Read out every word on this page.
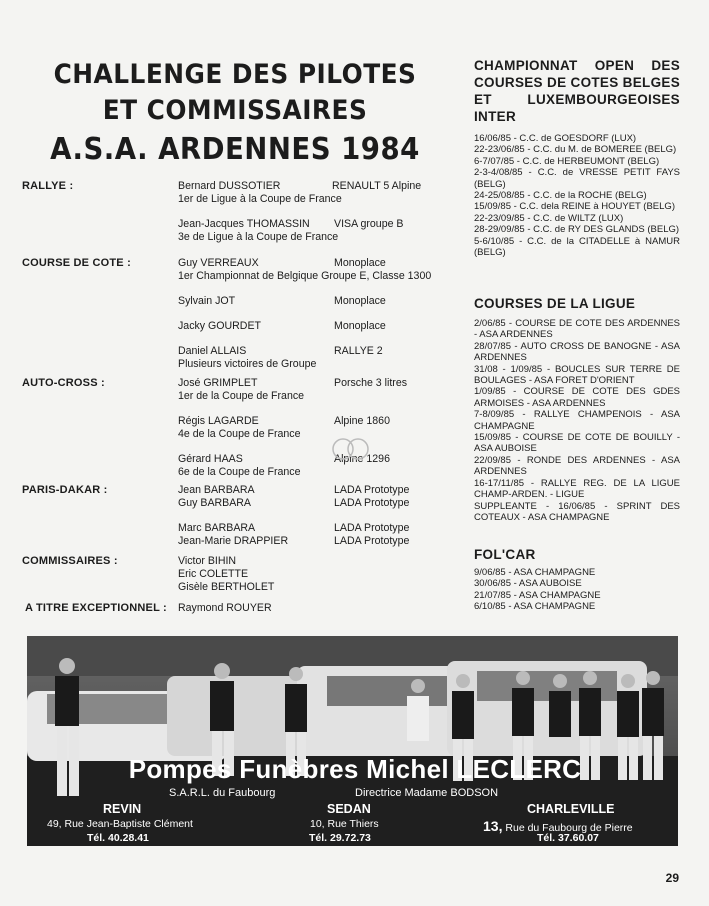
CHALLENGE DES PILOTES
ET COMMISSAIRES
A.S.A. ARDENNES 1984
RALLYE :	Bernard DUSSOTIER	RENAULT 5 Alpine
1er de Ligue à la Coupe de France
Jean-Jacques THOMASSIN	VISA groupe B
3e de Ligue à la Coupe de France
COURSE DE COTE :	Guy VERREAUX	Monoplace
1er Championnat de Belgique Groupe E, Classe 1300
Sylvain JOT	Monoplace
Jacky GOURDET	Monoplace
Daniel ALLAIS	RALLYE 2
Plusieurs victoires de Groupe
AUTO-CROSS :	José GRIMPLET	Porsche 3 litres
1er de la Coupe de France
Régis LAGARDE	Alpine 1860
4e de la Coupe de France
Gérard HAAS	Alpine 1296
6e de la Coupe de France
PARIS-DAKAR :	Jean BARBARA	LADA Prototype
Guy BARBARA	LADA Prototype
Marc BARBARA	LADA Prototype
Jean-Marie DRAPPIER	LADA Prototype
COMMISSAIRES :	Victor BIHIN
Eric COLETTE
Gisèle BERTHOLET
A TITRE EXCEPTIONNEL : Raymond ROUYER
CHAMPIONNAT OPEN DES COURSES DE COTES BELGES ET LUXEMBOURGEOISES INTER
16/06/85 - C.C. de GOESDORF (LUX)
22-23/06/85 - C.C. du M. de BOMEREE (BELG)
6-7/07/85 - C.C. de HERBEUMONT (BELG)
2-3-4/08/85 - C.C. de VRESSE PETIT FAYS (BELG)
24-25/08/85 - C.C. de la ROCHE (BELG)
15/09/85 - C.C. dela REINE à HOUYET (BELG)
22-23/09/85 - C.C. de WILTZ (LUX)
28-29/09/85 - C.C. de RY DES GLANDS (BELG)
5-6/10/85 - C.C. de la CITADELLE à NAMUR (BELG)
COURSES DE LA LIGUE
2/06/85 - COURSE DE COTE DES ARDENNES - ASA ARDENNES
28/07/85 - AUTO CROSS DE BANOGNE - ASA ARDENNES
31/08 - 1/09/85 - BOUCLES SUR TERRE DE BOULAGES - ASA FORET D'ORIENT
1/09/85 - COURSE DE COTE DES GDES ARMOISES - ASA ARDENNES
7-8/09/85 - RALLYE CHAMPENOIS - ASA CHAMPAGNE
15/09/85 - COURSE DE COTE DE BOUILLY - ASA AUBOISE
22/09/85 - RONDE DES ARDENNES - ASA ARDENNES
16-17/11/85 - RALLYE REG. DE LA LIGUE CHAMP-ARDEN. - LIGUE
SUPPLEANTE - 16/06/85 - SPRINT DES COTEAUX - ASA CHAMPAGNE
FOL'CAR
9/06/85 - ASA CHAMPAGNE
30/06/85 - ASA AUBOISE
21/07/85 - ASA CHAMPAGNE
6/10/85 - ASA CHAMPAGNE
Pompes Funèbres Michel LECLERC
S.A.R.L. du Faubourg	Directrice Madame BODSON
REVIN
49, Rue Jean-Baptiste Clément
Tél. 40.28.41
SEDAN
10, Rue Thiers
Tél. 29.72.73
CHARLEVILLE
13, Rue du Faubourg de Pierre
Tél. 37.60.07
29
